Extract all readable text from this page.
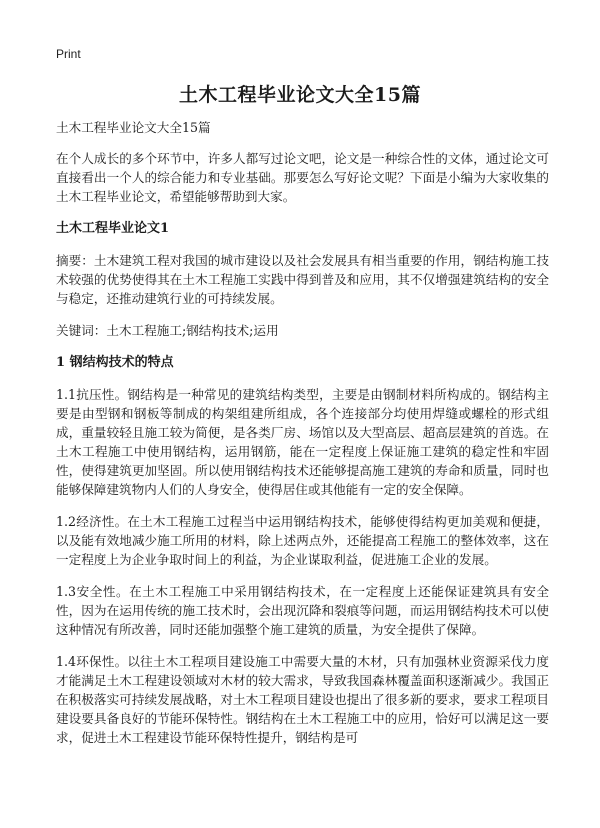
Print
土木工程毕业论文大全15篇

土木工程毕业论文大全15篇

在个人成长的多个环节中，许多人都写过论文吧，论文是一种综合性的文体，通过论文可直接看出一个人的综合能力和专业基础。那要怎么写好论文呢？下面是小编为大家收集的土木工程毕业论文，希望能够帮助到大家。

土木工程毕业论文1

摘要：土木建筑工程对我国的城市建设以及社会发展具有相当重要的作用，钢结构施工技术较强的优势使得其在土木工程施工实践中得到普及和应用，其不仅增强建筑结构的安全与稳定，还推动建筑行业的可持续发展。

关键词：土木工程施工;钢结构技术;运用

1 钢结构技术的特点

1.1抗压性。钢结构是一种常见的建筑结构类型，主要是由钢制材料所构成的。钢结构主要是由型钢和钢板等制成的构架组建所组成，各个连接部分均使用焊缝或螺栓的形式组成，重量较轻且施工较为简便，是各类厂房、场馆以及大型高层、超高层建筑的首选。在土木工程施工中使用钢结构，运用钢筋，能在一定程度上保证施工建筑的稳定性和牢固性，使得建筑更加坚固。所以使用钢结构技术还能够提高施工建筑的寿命和质量，同时也能够保障建筑物内人们的人身安全，使得居住或其他能有一定的安全保障。

1.2经济性。在土木工程施工过程当中运用钢结构技术，能够使得结构更加美观和便捷，以及能有效地减少施工所用的材料，除上述两点外，还能提高工程施工的整体效率，这在一定程度上为企业争取时间上的利益，为企业谋取利益，促进施工企业的发展。

1.3安全性。在土木工程施工中采用钢结构技术，在一定程度上还能保证建筑具有安全性，因为在运用传统的施工技术时，会出现沉降和裂痕等问题，而运用钢结构技术可以使这种情况有所改善，同时还能加强整个施工建筑的质量，为安全提供了保障。

1.4环保性。以往土木工程项目建设施工中需要大量的木材，只有加强林业资源采伐力度才能满足土木工程建设领域对木材的较大需求，导致我国森林覆盖面积逐渐减少。我国正在积极落实可持续发展战略，对土木工程项目建设也提出了很多新的要求，要求工程项目建设要具备良好的节能环保特性。钢结构在土木工程施工中的应用，恰好可以满足这一要求，促进土木工程建设节能环保特性提升，钢结构是可
